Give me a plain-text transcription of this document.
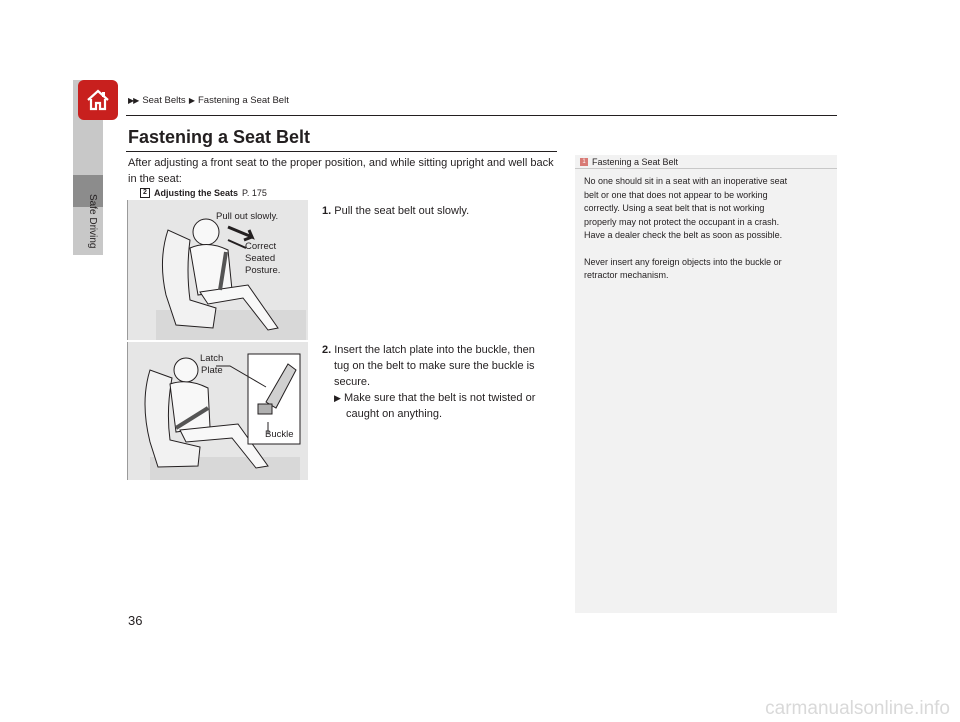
Safe Driving
▶▶ Seat Belts ▶ Fastening a Seat Belt
Fastening a Seat Belt
After adjusting a front seat to the proper position, and while sitting upright and well back in the seat:
2 Adjusting the Seats P. 175
Pull out slowly.
Correct
Seated
Posture.
Latch
Plate
Buckle
1. Pull the seat belt out slowly.
2. Insert the latch plate into the buckle, then
tug on the belt to make sure the buckle is
secure.
▶ Make sure that the belt is not twisted or
caught on anything.
1 Fastening a Seat Belt

No one should sit in a seat with an inoperative seat
belt or one that does not appear to be working
correctly. Using a seat belt that is not working
properly may not protect the occupant in a crash.
Have a dealer check the belt as soon as possible.

Never insert any foreign objects into the buckle or
retractor mechanism.

36
carmanualsonline.info
